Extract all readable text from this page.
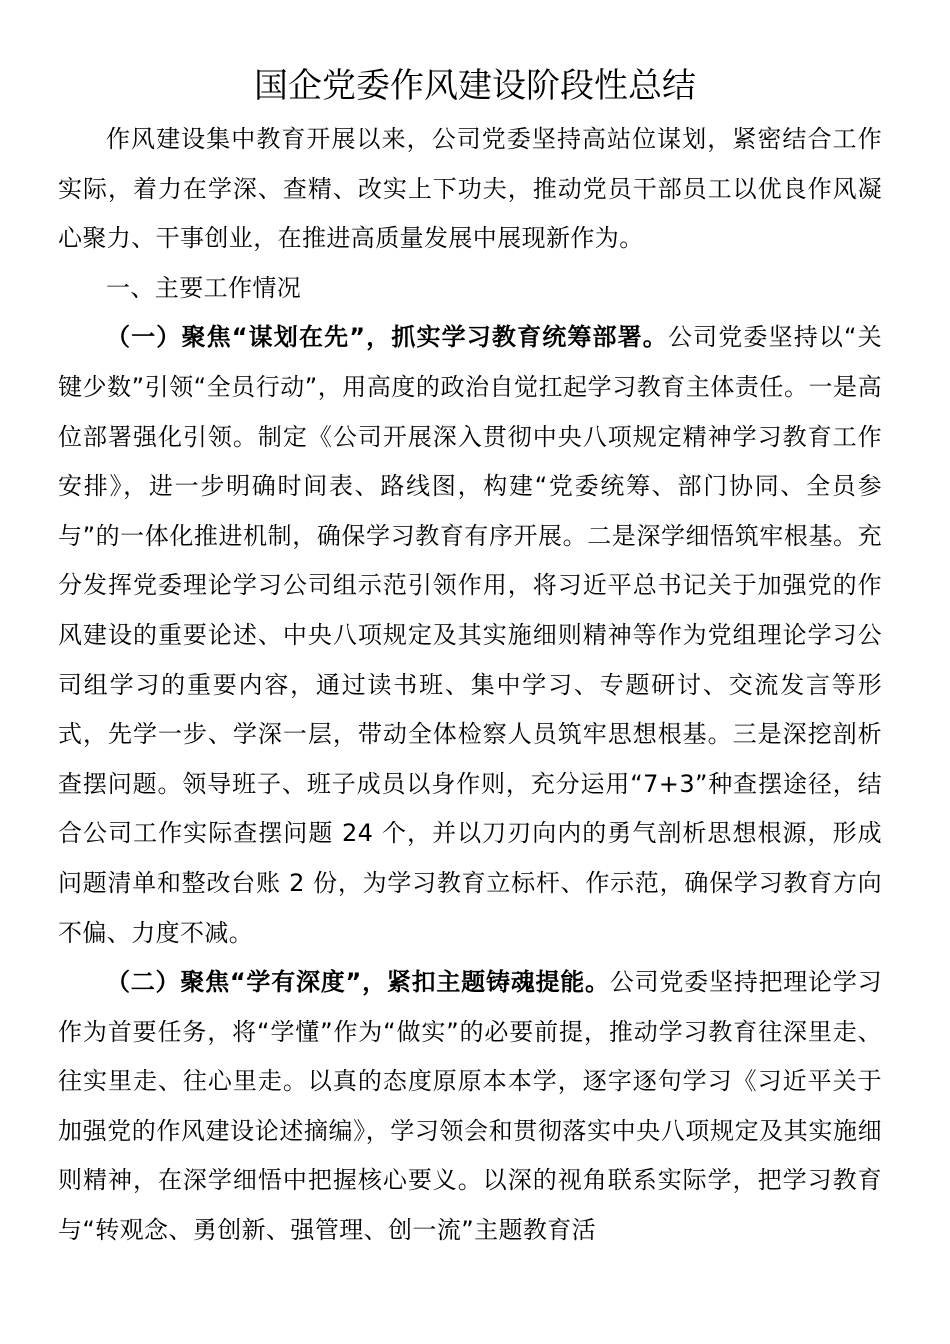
国企党委作风建设阶段性总结

作风建设集中教育开展以来，公司党委坚持高站位谋划，紧密结合工作实际，着力在学深、查精、改实上下功夫，推动党员干部员工以优良作风凝心聚力、干事创业，在推进高质量发展中展现新作为。

一、主要工作情况

（一）聚焦“谋划在先”，抓实学习教育统筹部署。公司党委坚持以“关键少数”引领“全员行动”，用高度的政治自觉扛起学习教育主体责任。一是高位部署强化引领。制定《公司开展深入贯彻中央八项规定精神学习教育工作安排》，进一步明确时间表、路线图，构建“党委统筹、部门协同、全员参与”的一体化推进机制，确保学习教育有序开展。二是深学细悟筑牢根基。充分发挥党委理论学习公司组示范引领作用，将习近平总书记关于加强党的作风建设的重要论述、中央八项规定及其实施细则精神等作为党组理论学习公司组学习的重要内容，通过读书班、集中学习、专题研讨、交流发言等形式，先学一步、学深一层，带动全体检察人员筑牢思想根基。三是深挖剖析查摆问题。领导班子、班子成员以身作则，充分运用“7+3”种查摆途径，结合公司工作实际查摆问题 24 个，并以刀刃向内的勇气剖析思想根源，形成问题清单和整改台账 2 份，为学习教育立标杆、作示范，确保学习教育方向不偏、力度不减。

（二）聚焦“学有深度”，紧扣主题铸魂提能。公司党委坚持把理论学习作为首要任务，将“学懂”作为“做实”的必要前提，推动学习教育往深里走、往实里走、往心里走。以真的态度原原本本学，逐字逐句学习《习近平关于加强党的作风建设论述摘编》，学习领会和贯彻落实中央八项规定及其实施细则精神，在深学细悟中把握核心要义。以深的视角联系实际学，把学习教育与“转观念、勇创新、强管理、创一流”主题教育活
